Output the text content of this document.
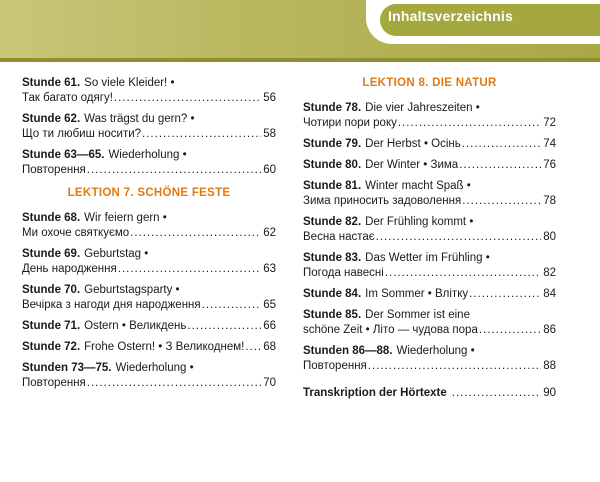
Inhaltsverzeichnis
Stunde 61. So viele Kleider! •
Так багато одягу! .....	56
Stunde 62. Was trägst du gern? •
Що ти любиш носити? .....	58
Stunde 63—65. Wiederholung •
Повторення .....	60
LEKTION 7. SCHÖNE FESTE
Stunde 68. Wir feiern gern •
Ми охоче святкуємо .....	62
Stunde 69. Geburtstag •
День народження .....	63
Stunde 70. Geburtstagsparty •
Вечірка з нагоди дня народження .....	65
Stunde 71. Ostern • Великдень .....	66
Stunde 72. Frohe Ostern! • З Великоднем! ..... 68
Stunden 73—75. Wiederholung •
Повторення .....	70
LEKTION 8. DIE NATUR
Stunde 78. Die vier Jahreszeiten •
Чотири пори року .....	72
Stunde 79. Der Herbst • Осінь .....	74
Stunde 80. Der Winter • Зима .....	76
Stunde 81. Winter macht Spaß •
Зима приносить задоволення .....	78
Stunde 82. Der Frühling kommt •
Весна настає .....	80
Stunde 83. Das Wetter im Frühling •
Погода навесні .....	82
Stunde 84. Im Sommer • Влітку .....	84
Stunde 85. Der Sommer ist eine
schöne Zeit • Літо — чудова пора .....	86
Stunden 86—88. Wiederholung •
Повторення .....	88
Transkription der Hörtexte .....	90
